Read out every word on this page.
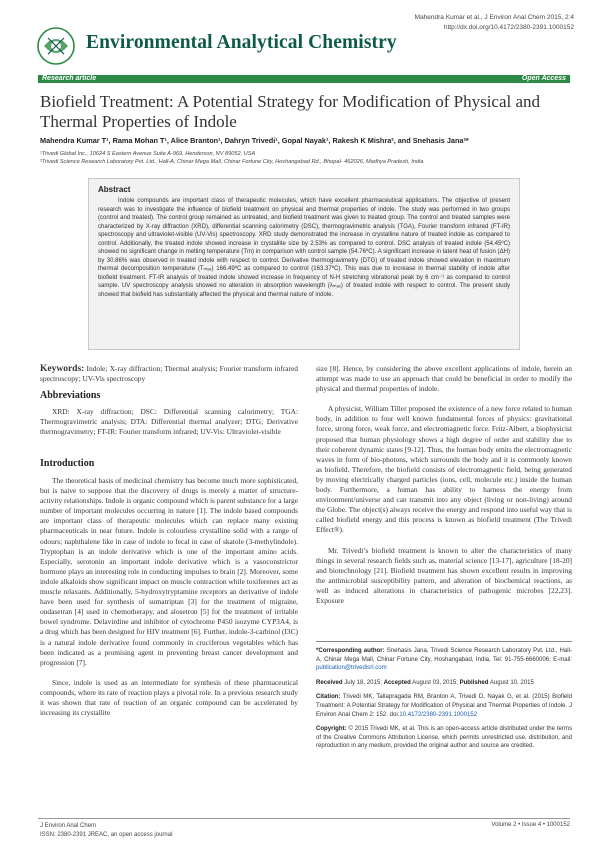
Environmental Analytical Chemistry
Mahendra Kumar et al., J Environ Anal Chem 2015, 2:4
http://dx.doi.org/10.4172/2380-2391.1000152
Research article	Open Access
Biofield Treatment: A Potential Strategy for Modification of Physical and Thermal Properties of Indole
Mahendra Kumar T¹, Rama Mohan T¹, Alice Branton¹, Dahryn Trivedi¹, Gopal Nayak¹, Rakesh K Mishra², and Snehasis Jana²*
¹Trivedi Global Inc., 10624 S Eastern Avenue Suite A-969, Henderson, NV 89052, USA
²Trivedi Science Research Laboratory Pvt. Ltd., Hall-A, Chinar Mega Mall, Chinar Fortune City, Hoshangabad Rd., Bhopal- 462026, Madhya Pradesh, India
Abstract

Indole compounds are important class of therapeutic molecules, which have excellent pharmaceutical applications. The objective of present research was to investigate the influence of biofield treatment on physical and thermal properties of indole. The study was performed in two groups (control and treated). The control group remained as untreated, and biofield treatment was given to treated group. The control and treated samples were characterized by X-ray diffraction (XRD), differential scanning calorimetry (DSC), thermogravimetric analysis (TGA), Fourier transform infrared (FT-IR) spectroscopy and ultraviolet-visible (UV-Vis) spectroscopy. XRD study demonstrated the increase in crystalline nature of treated indole as compared to control. Additionally, the treated indole showed increase in crystallite size by 2.53% as compared to control. DSC analysis of treated indole (54.45ºC) showed no significant change in melting temperature (Tm) in comparison with control sample (54.76ºC). A significant increase in latent heat of fusion (ΔH) by 30.86% was observed in treated indole with respect to control. Derivative thermogravimetry (DTG) of treated indole showed elevation in maximum thermal decomposition temperature (Tₘₐₓ) 166.49ºC as compared to control (163.37ºC). This was due to increase in thermal stability of indole after biofield treatment. FT-IR analysis of treated indole showed increase in frequency of N-H stretching vibrational peak by 6 cm⁻¹ as compared to control sample. UV spectroscopy analysis showed no alteration in absorption wavelength (λₘₐₓ) of treated indole with respect to control. The present study showed that biofield has substantially affected the physical and thermal nature of indole.

Keywords: Indole; X-ray diffraction; Thermal analysis; Fourier transform infrared spectroscopy; UV-Vis spectroscopy

Abbreviations

XRD: X-ray diffraction; DSC: Differential scanning calorimetry; TGA: Thermogravimetric analysis; DTA: Differential thermal analyzer; DTG; Derivative thermogravimetry; FT-IR: Fourier transform infrared; UV-Vis: Ultraviolet-visible

Introduction

The theoretical basis of medicinal chemistry has become much more sophisticated, but is naive to suppose that the discovery of drugs is merely a matter of structure-activity relationships. Indole is organic compound which is parent substance for a large number of important molecules occurring in nature [1]. The indole based compounds are important class of therapeutic molecules which can replace many existing pharmaceuticals in near future. Indole is colourless crystalline solid with a range of odours; naphthalene like in case of indole to fecal in case of skatole (3-methylindole). Tryptophan is an indole derivative which is one of the important amino acids. Especially, serotonin an important indole derivative which is a vasoconstrictor hormone plays an interesting role in conducting impulses to brain [2]. Moreover, some indole alkaloids show significant impact on muscle contraction while toxiferenes act as muscle relaxants. Additionally, 5-hydroxytryptamine receptors an derivative of indole have been used for synthesis of sumatriptan [3] for the treatment of migraine, ondasetran [4] used in chemotherapy, and alosetron [5] for the treatment of irritable bowel syndrome. Delavirdine and inhibitor of cytochrome P450 isozyme CYP3A4, is a drug which has been designed for HIV treatment [6]. Further, indole-3-carbinol (I3C) is a natural indole derivative found commonly in cruciferous vegetables which has been indicated as a promising agent in preventing breast cancer development and progression [7].

Since, indole is used as an intermediate for synthesis of these pharmaceutical compounds, where its rate of reaction plays a pivotal role. In a previous research study it was shown that rate of reaction of an organic compound can be accelerated by increasing its crystallite

size [8]. Hence, by considering the above excellent applications of indole, herein an attempt was made to use an approach that could be beneficial in order to modify the physical and thermal properties of indole.

A physicist, William Tiller proposed the existence of a new force related to human body, in addition to four well known fundamental forces of physics: gravitational force, strong force, weak force, and electromagnetic force. Fritz-Albert, a biophysicist proposed that human physiology shows a high degree of order and stability due to their coherent dynamic states [9-12]. Thus, the human body emits the electromagnetic waves in form of bio-photons, which surrounds the body and it is commonly known as biofield. Therefore, the biofield consists of electromagnetic field, being generated by moving electrically charged particles (ions, cell, molecule etc.) inside the human body. Furthermore, a human has ability to harness the energy from environment/universe and can transmit into any object (living or non-living) around the Globe. The object(s) always receive the energy and respond into useful way that is called biofield energy and this process is known as biofield treatment (The Trivedi Effect®).

Mr. Trivedi’s biofield treatment is known to alter the characteristics of many things in several research fields such as, material science [13-17], agriculture [18-20] and biotechnology [21]. Biofield treatment has shown excellent results in improving the antimicrobial susceptibility pattern, and alteration of biochemical reactions, as well as induced alterations in characteristics of pathogenic microbes [22,23]. Exposure

*Corresponding author: Snehasis Jana, Trivedi Science Research Laboratory Pvt. Ltd., Hall-A, Chinar Mega Mall, Chinar Fortune City, Hoshangabad, India, Tel: 91-755-6660006; E-mail: publication@trivedisrl.com

Received July 18, 2015; Accepted August 03, 2015; Published August 10, 2015

Citation: Trivedi MK, Tallapragada RM, Branton A, Trivedi D, Nayak G, et al. (2015) Biofield Treatment: A Potential Strategy for Modification of Physical and Thermal Properties of Indole. J Environ Anal Chem 2: 152. doi:10.4172/2380-2391.1000152

Copyright: © 2015 Trivedi MK, et al. This is an open-access article distributed under the terms of the Creative Commons Attribution License, which permits unrestricted use, distribution, and reproduction in any medium, provided the original author and source are credited.

J Environ Anal Chem
ISSN: 2380-2391 JREAC, an open access journal
Volume 2 • Issue 4 • 1000152
